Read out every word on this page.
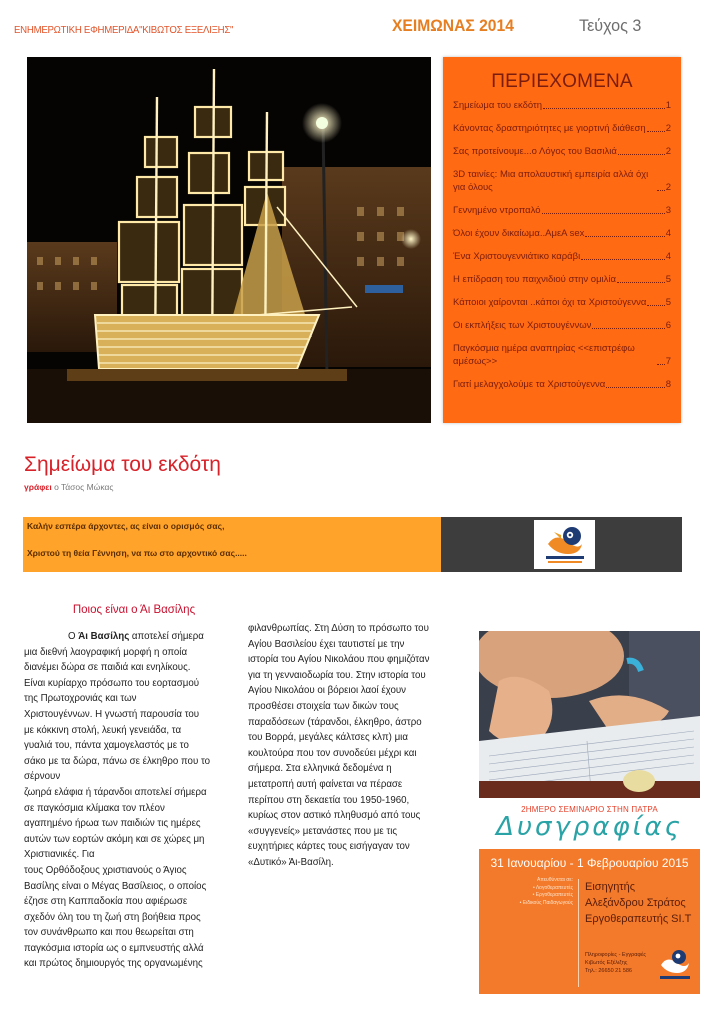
ΕΝΗΜΕΡΩΤΙΚΗ ΕΦΗΜΕΡΙΔΑ"ΚΙΒΩΤΟΣ ΕΞΕΛΙΞΗΣ"	ΧΕΙΜΩΝΑΣ 2014	Τεύχος 3
ΠΕΡΙΕΧΟΜΕΝΑ
Σημείωμα του εκδότη	1
Κάνοντας δραστηριότητες με γιορτινή διάθεση 2
Σας προτείνουμε...ο Λόγος του Βασιλιά	2
3D ταινίες: Μια απολαυστική εμπειρία αλλά όχι για όλους	2
Γεννημένο ντροπαλό	3
Όλοι έχουν δικαίωμα..ΑμεΑ sex	4
Ένα Χριστουγεννιάτικο καράβι	4
Η επίδραση του παιχνιδιού στην ομιλία	5
Κάποιοι χαίρονται ..κάποι όχι τα Χριστούγεννα 5
Οι εκπλήξεις των Χριστουγέννων	6
Παγκόσμια ημέρα αναπηρίας <<επιστρέφω αμέσως>>	7
Γιατί μελαγχολούμε τα Χριστούγεννα	8
Σημείωμα του εκδότη
γράφει ο Τάσος Μώκας
Καλήν εσπέρα άρχοντες, ας είναι ο ορισμός σας,
Χριστού τη θεία Γέννηση, να πω στο αρχοντικό σας.....
Ποιος είναι ο Άι Βασίλης
Ο Άι Βασίλης αποτελεί σήμερα
μια διεθνή λαογραφική μορφή η οποία
διανέμει δώρα σε παιδιά και ενηλίκους.
Είναι κυρίαρχο πρόσωπο του εορτασμού
της Πρωτοχρονιάς και των
Χριστουγέννων. Η γνωστή παρουσία του
με κόκκινη στολή, λευκή γενειάδα, τα
γυαλιά του, πάντα χαμογελαστός με το
σάκο με τα δώρα, πάνω σε έλκηθρο που το
σέρνουν
ζωηρά ελάφια ή τάρανδοι αποτελεί σήμερα
σε παγκόσμια κλίμακα τον πλέον
αγαπημένο ήρωα των παιδιών τις ημέρες
αυτών των εορτών ακόμη και σε χώρες μη
Χριστιανικές. Για
τους Ορθόδοξους χριστιανούς ο Άγιος
Βασίλης είναι ο Μέγας Βασίλειος, ο οποίος
έζησε στη Καππαδοκία που αφιέρωσε
σχεδόν όλη του τη ζωή στη βοήθεια προς
τον συνάνθρωπο και που θεωρείται στη
παγκόσμια ιστορία ως ο εμπνευστής αλλά
και πρώτος δημιουργός της οργανωμένης
φιλανθρωπίας. Στη Δύση το πρόσωπο του
Αγίου Βασιλείου έχει ταυτιστεί με την
ιστορία του Αγίου Νικολάου που φημιζόταν
για τη γενναιοδωρία του. Στην ιστορία του
Αγίου Νικολάου οι βόρειοι λαοί έχουν
προσθέσει στοιχεία των δικών τους
παραδόσεων (τάρανδοι, έλκηθρο, άστρο
του Βορρά, μεγάλες κάλτσες κλπ) μια
κουλτούρα που τον συνοδεύει μέχρι και
σήμερα. Στα ελληνικά δεδομένα η
μετατροπή αυτή φαίνεται να πέρασε
περίπου στη δεκαετία του 1950-1960,
κυρίως στον αστικό πληθυσμό από τους
«συγγενείς» μετανάστες που με τις
ευχητήριες κάρτες τους εισήγαγαν τον
«Δυτικό» Άι-Βασίλη.
2ΗΜΕΡΟ ΣΕΜΙΝΑΡΙΟ ΣΤΗΝ ΠΑΤΡΑ
Δυσγραφίας
31 Ιανουαρίου - 1 Φεβρουαρίου 2015
Απευθύνεται σε:
• Λογοθεραπευτές
• Εργοθεραπευτές
• Ειδικούς Παιδαγωγούς
Εισηγητής
Αλεξάνδρου Στράτος
Εργοθεραπευτής SI.T
Πληροφορίες - Εγγραφές
Κιβωτός Εξέλιξης
Τηλ.: 26650 21 586
